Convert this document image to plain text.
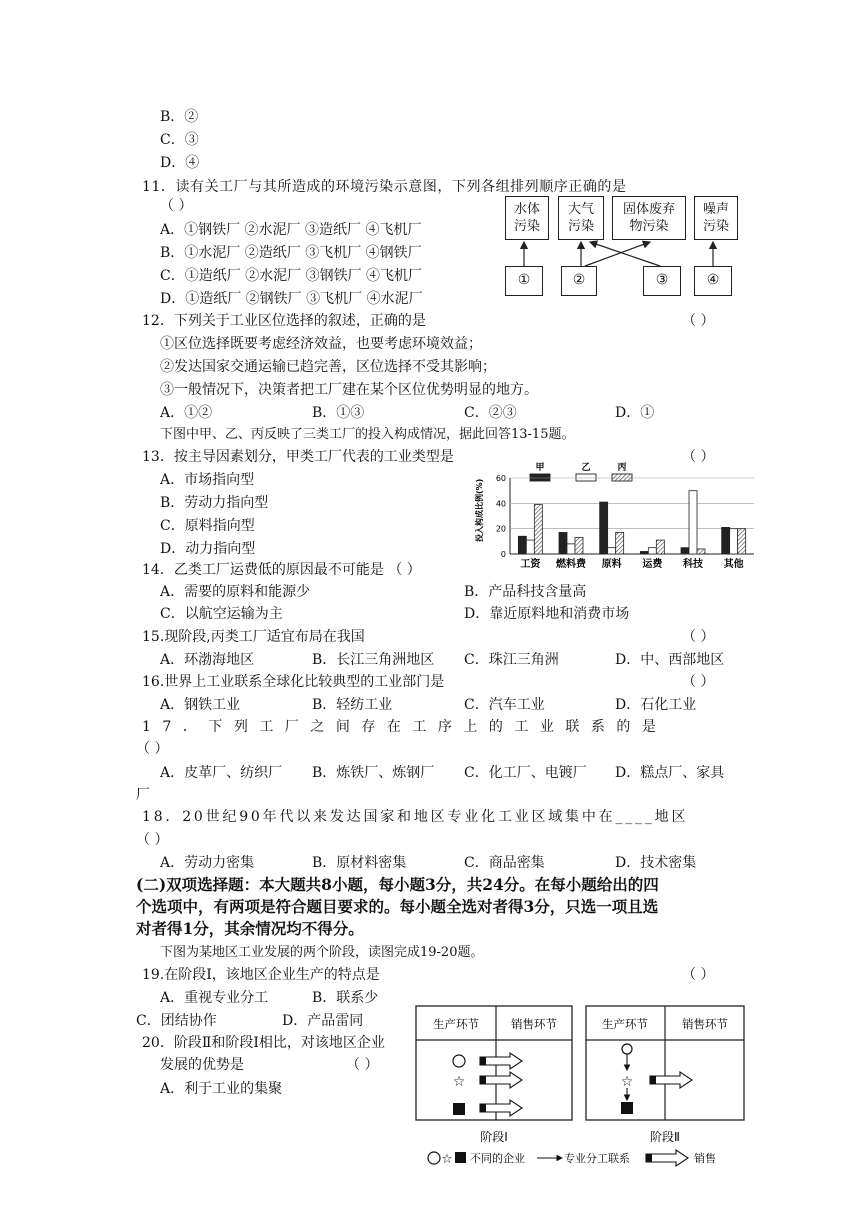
B．②
C．③
D．④
11．读有关工厂与其所造成的环境污染示意图，下列各组排列顺序正确的是
（ ）
A．①钢铁厂 ②水泥厂 ③造纸厂 ④飞机厂
B．①水泥厂 ②造纸厂 ③飞机厂 ④钢铁厂
C．①造纸厂 ②水泥厂 ③钢铁厂 ④飞机厂
D．①造纸厂 ②钢铁厂 ③飞机厂 ④水泥厂
水体
污染
大气
污染
固体废弃
物污染
噪声
污染
①	②	③	④
12．下列关于工业区位选择的叙述，正确的是	（ ）
①区位选择既要考虑经济效益，也要考虑环境效益；
②发达国家交通运输已趋完善，区位选择不受其影响；
③一般情况下，决策者把工厂建在某个区位优势明显的地方。
A．①②	B．①③	C．②③	D．①
下图中甲、乙、丙反映了三类工厂的投入构成情况，据此回答13-15题。
13．按主导因素划分，甲类工厂代表的工业类型是	（ ）
A．市场指向型
B．劳动力指向型
C．原料指向型
D．动力指向型
甲	乙	丙
投入构成比例(%)
0
20
40
60
工资 燃料费 原料 运费 科技 其他
14．乙类工厂运费低的原因最不可能是 （ ）
A．需要的原料和能源少	B．产品科技含量高
C．以航空运输为主	D．靠近原料地和消费市场
15.现阶段,丙类工厂适宜布局在我国	（ ）
A．环渤海地区	B．长江三角洲地区 C．珠江三角洲	D．中、西部地区
16.世界上工业联系全球化比较典型的工业部门是	（ ）
A．钢铁工业	B．轻纺工业	C．汽车工业	D．石化工业
17．下列工厂之间存在工序上的工业联系的是
（ ）
A．皮革厂、纺织厂 B．炼铁厂、炼钢厂 C．化工厂、电镀厂 D．糕点厂、家具
厂
18．20世纪90年代以来发达国家和地区专业化工业区域集中在____地区
（ ）
A．劳动力密集	B．原材料密集	C．商品密集	D．技术密集
(二)双项选择题：本大题共8小题，每小题3分，共24分。在每小题给出的四
个选项中，有两项是符合题目要求的。每小题全选对者得3分，只选一项且选
对者得1分，其余情况均不得分。
下图为某地区工业发展的两个阶段，读图完成19-20题。
19.在阶段Ⅰ，该地区企业生产的特点是	（ ）
A．重视专业分工	B．联系少
C．团结协作	D．产品雷同
20．阶段Ⅱ和阶段Ⅰ相比，对该地区企业
发展的优势是	（ ）
A．利于工业的集聚
生产环节	销售环节
☆
阶段Ⅰ
生产环节	销售环节
☆
阶段Ⅱ
☆ 不同的企业	专业分工联系	销售
